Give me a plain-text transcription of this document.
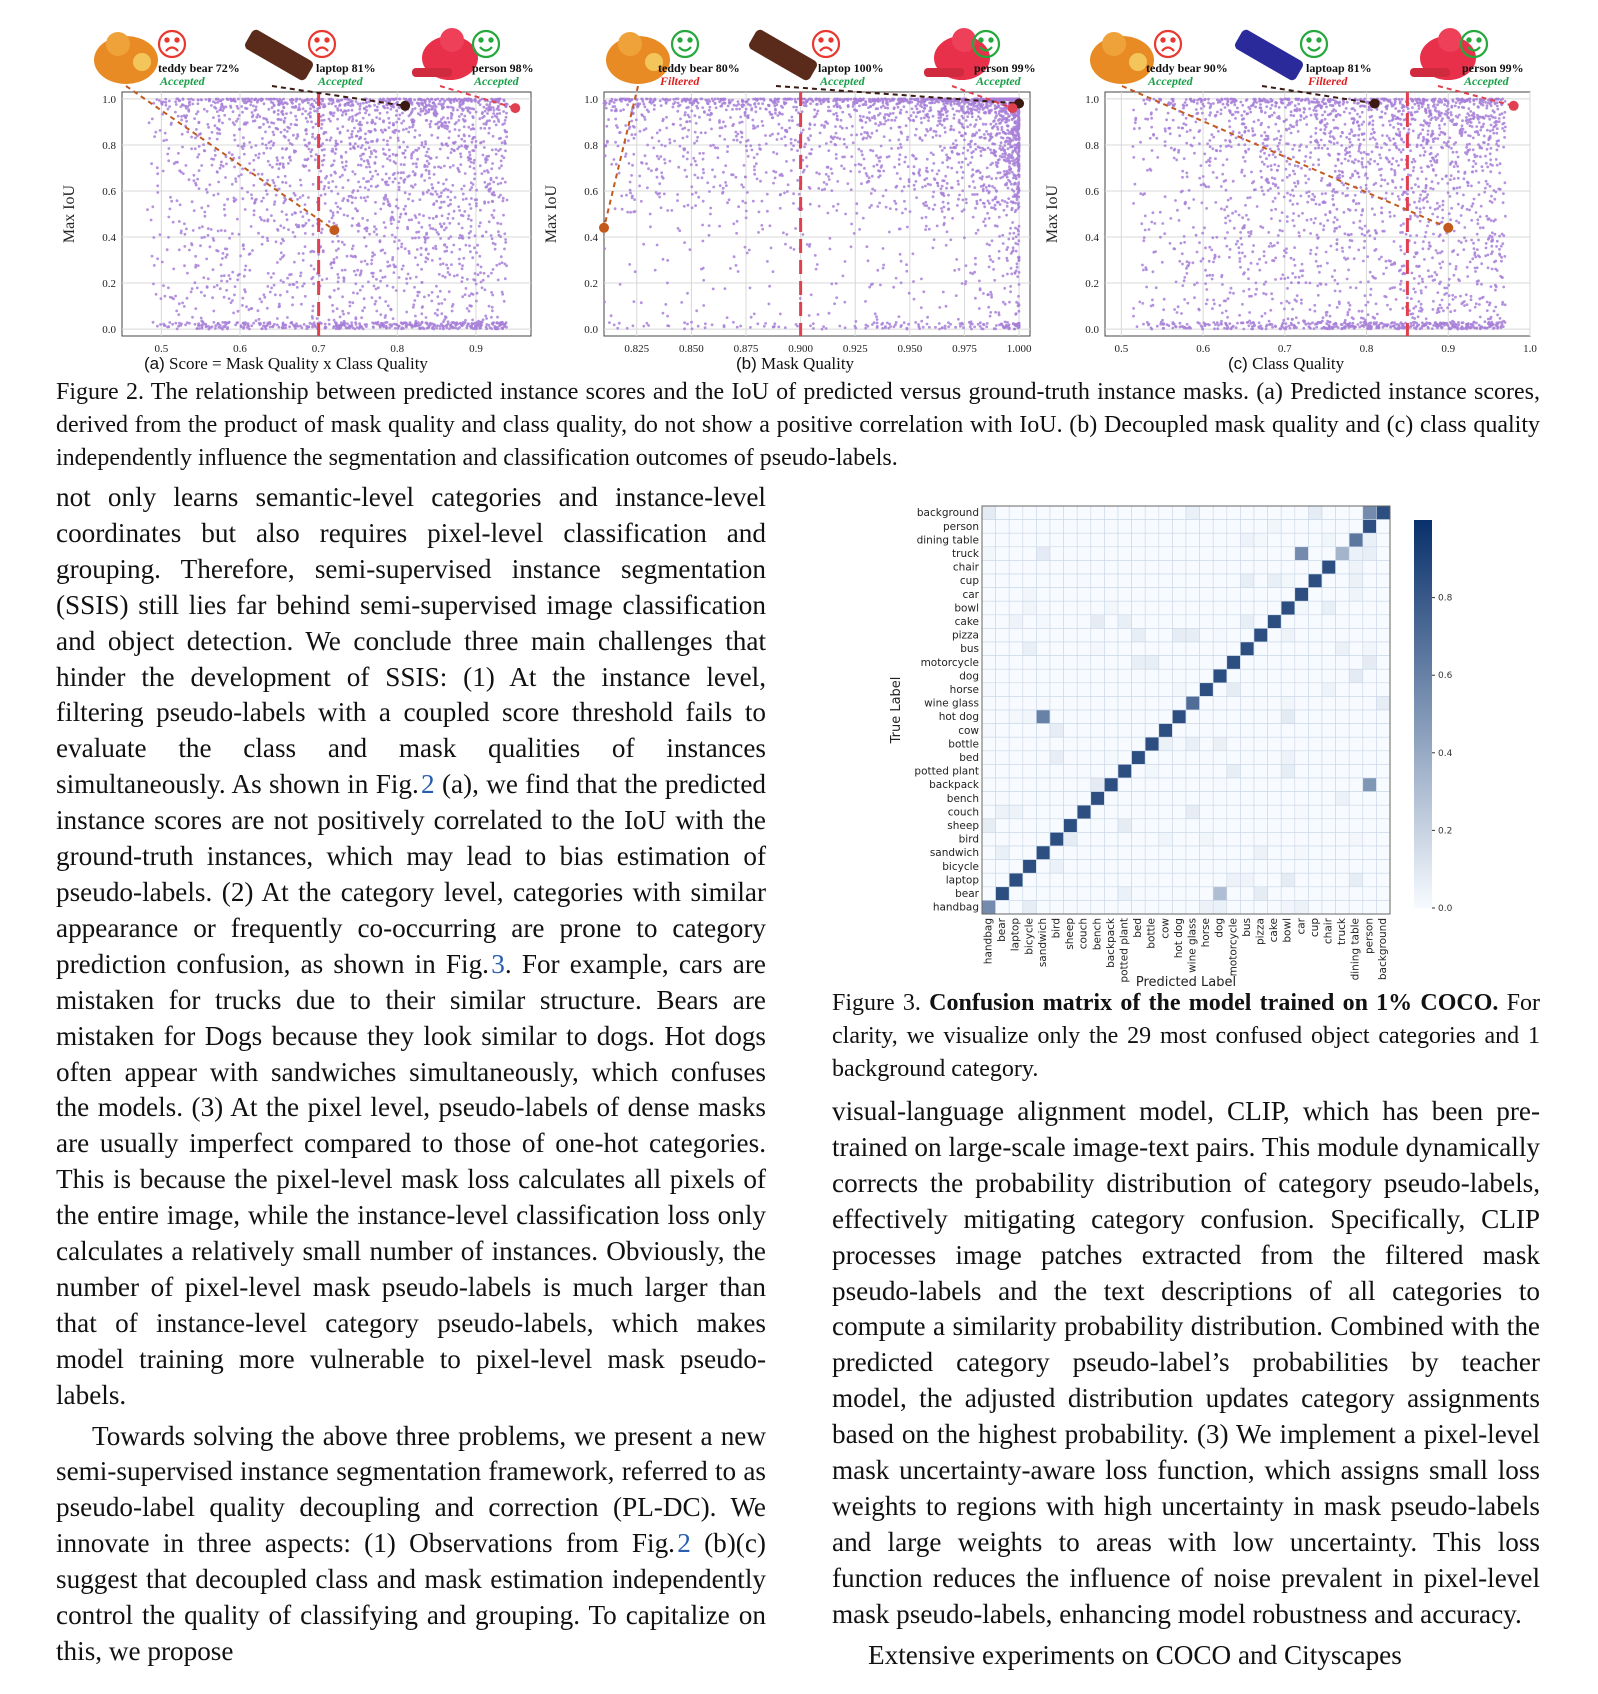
0.0
0.2
0.4
0.6
0.8
1.0
0.5	0.6	0.7	0.8	0.9
Max IoU
teddy bear 72%
Accepted
laptop 81%
Accepted
person 98%
Accepted
0.0
0.2
0.4
0.6
0.8
1.0
0.825	0.850	0.875	0.900	0.925	0.950	0.975	1.000
Max IoU
teddy bear 80%
Filtered
laptop 100%
Accepted
person 99%
Accepted
0.0
0.2
0.4
0.6
0.8
1.0
0.5	0.6	0.7	0.8	0.9	1.0
Max IoU
teddy bear 90%
Accepted
laptoap 81%
Filtered
person 99%
Accepted
(a) Score = Mask Quality x Class Quality	(b) Mask Quality	(c) Class Quality

Figure 2. The relationship between predicted instance scores and the IoU of predicted versus ground-truth instance masks. (a) Predicted instance scores, derived from the product of mask quality and class quality, do not show a positive correlation with IoU. (b) Decoupled mask quality and (c) class quality independently influence the segmentation and classification outcomes of pseudo-labels.

not only learns semantic-level categories and instance-level coordinates but also requires pixel-level classification and grouping. Therefore, semi-supervised instance segmentation (SSIS) still lies far behind semi-supervised image classification and object detection. We conclude three main challenges that hinder the development of SSIS: (1) At the instance level, filtering pseudo-labels with a coupled score threshold fails to evaluate the class and mask qualities of instances simultaneously. As shown in Fig. 2 (a), we find that the predicted instance scores are not positively correlated to the IoU with the ground-truth instances, which may lead to bias estimation of pseudo-labels. (2) At the category level, categories with similar appearance or frequently co-occurring are prone to category prediction confusion, as shown in Fig. 3. For example, cars are mistaken for trucks due to their similar structure. Bears are mistaken for Dogs because they look similar to dogs. Hot dogs often appear with sandwiches simultaneously, which confuses the models. (3) At the pixel level, pseudo-labels of dense masks are usually imperfect compared to those of one-hot categories. This is because the pixel-level mask loss calculates all pixels of the entire image, while the instance-level classification loss only calculates a relatively small number of instances. Obviously, the number of pixel-level mask pseudo-labels is much larger than that of instance-level category pseudo-labels, which makes model training more vulnerable to pixel-level mask pseudo-labels.

Towards solving the above three problems, we present a new semi-supervised instance segmentation framework, referred to as pseudo-label quality decoupling and correction (PL-DC). We innovate in three aspects: (1) Observations from Fig. 2 (b)(c) suggest that decoupled class and mask estimation independently control the quality of classifying and grouping. To capitalize on this, we propose

background
person
dining table
truck
chair
cup
car
bowl
cake
pizza
bus
motorcycle
dog
horse
wine glass
hot dog
cow
bottle
bed
potted plant
backpack
bench
couch
sheep
bird
sandwich
bicycle
laptop
bear
handbag
handbag bear laptop bicycle sandwich bird sheep couch bench backpack potted plant bed bottle cow hot dog wine glass horse dog motorcycle bus pizza cake bowl car cup chair truck dining table person background
True Label
Predicted Label
0.0
0.2
0.4
0.6
0.8

Figure 3. Confusion matrix of the model trained on 1% COCO. For clarity, we visualize only the 29 most confused object categories and 1 background category.

visual-language alignment model, CLIP, which has been pre-trained on large-scale image-text pairs. This module dynamically corrects the probability distribution of category pseudo-labels, effectively mitigating category confusion. Specifically, CLIP processes image patches extracted from the filtered mask pseudo-labels and the text descriptions of all categories to compute a similarity probability distribution. Combined with the predicted category pseudo-label’s probabilities by teacher model, the adjusted distribution updates category assignments based on the highest probability. (3) We implement a pixel-level mask uncertainty-aware loss function, which assigns small loss weights to regions with high uncertainty in mask pseudo-labels and large weights to areas with low uncertainty. This loss function reduces the influence of noise prevalent in pixel-level mask pseudo-labels, enhancing model robustness and accuracy.

Extensive experiments on COCO and Cityscapes
